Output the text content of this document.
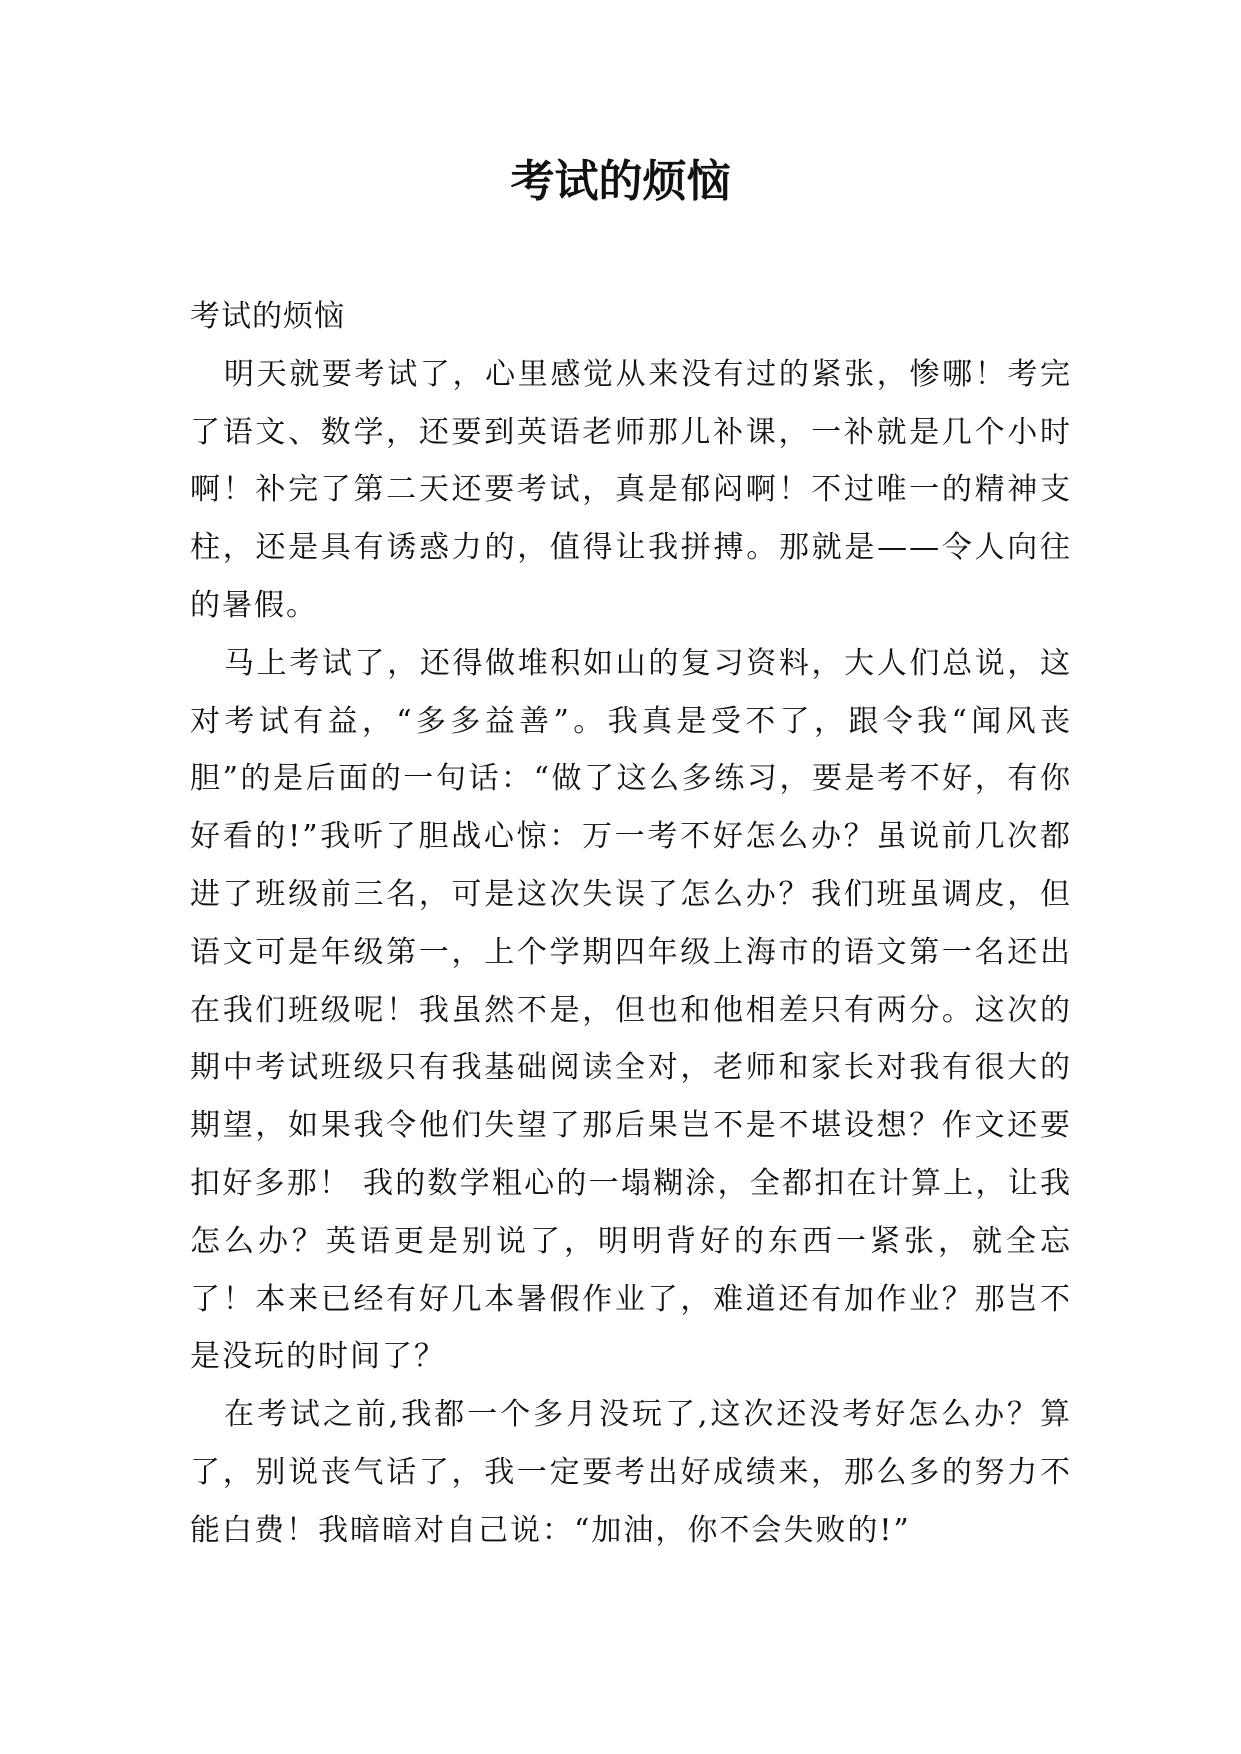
考试的烦恼

考试的烦恼

明天就要考试了，心里感觉从来没有过的紧张，惨哪！考完了语文、数学，还要到英语老师那儿补课，一补就是几个小时啊！补完了第二天还要考试，真是郁闷啊！不过唯一的精神支柱，还是具有诱惑力的，值得让我拼搏。那就是——令人向往的暑假。

马上考试了，还得做堆积如山的复习资料，大人们总说，这对考试有益，“多多益善”。我真是受不了，跟令我“闻风丧胆”的是后面的一句话：“做了这么多练习，要是考不好，有你好看的!”我听了胆战心惊：万一考不好怎么办？虽说前几次都进了班级前三名，可是这次失误了怎么办？我们班虽调皮，但语文可是年级第一，上个学期四年级上海市的语文第一名还出在我们班级呢！我虽然不是，但也和他相差只有两分。这次的期中考试班级只有我基础阅读全对，老师和家长对我有很大的期望，如果我令他们失望了那后果岂不是不堪设想？作文还要扣好多那！ 我的数学粗心的一塌糊涂，全都扣在计算上，让我怎么办？英语更是别说了，明明背好的东西一紧张，就全忘了！本来已经有好几本暑假作业了，难道还有加作业？那岂不是没玩的时间了？

在考试之前,我都一个多月没玩了,这次还没考好怎么办？算了，别说丧气话了，我一定要考出好成绩来，那么多的努力不能白费！我暗暗对自己说：“加油，你不会失败的!”
